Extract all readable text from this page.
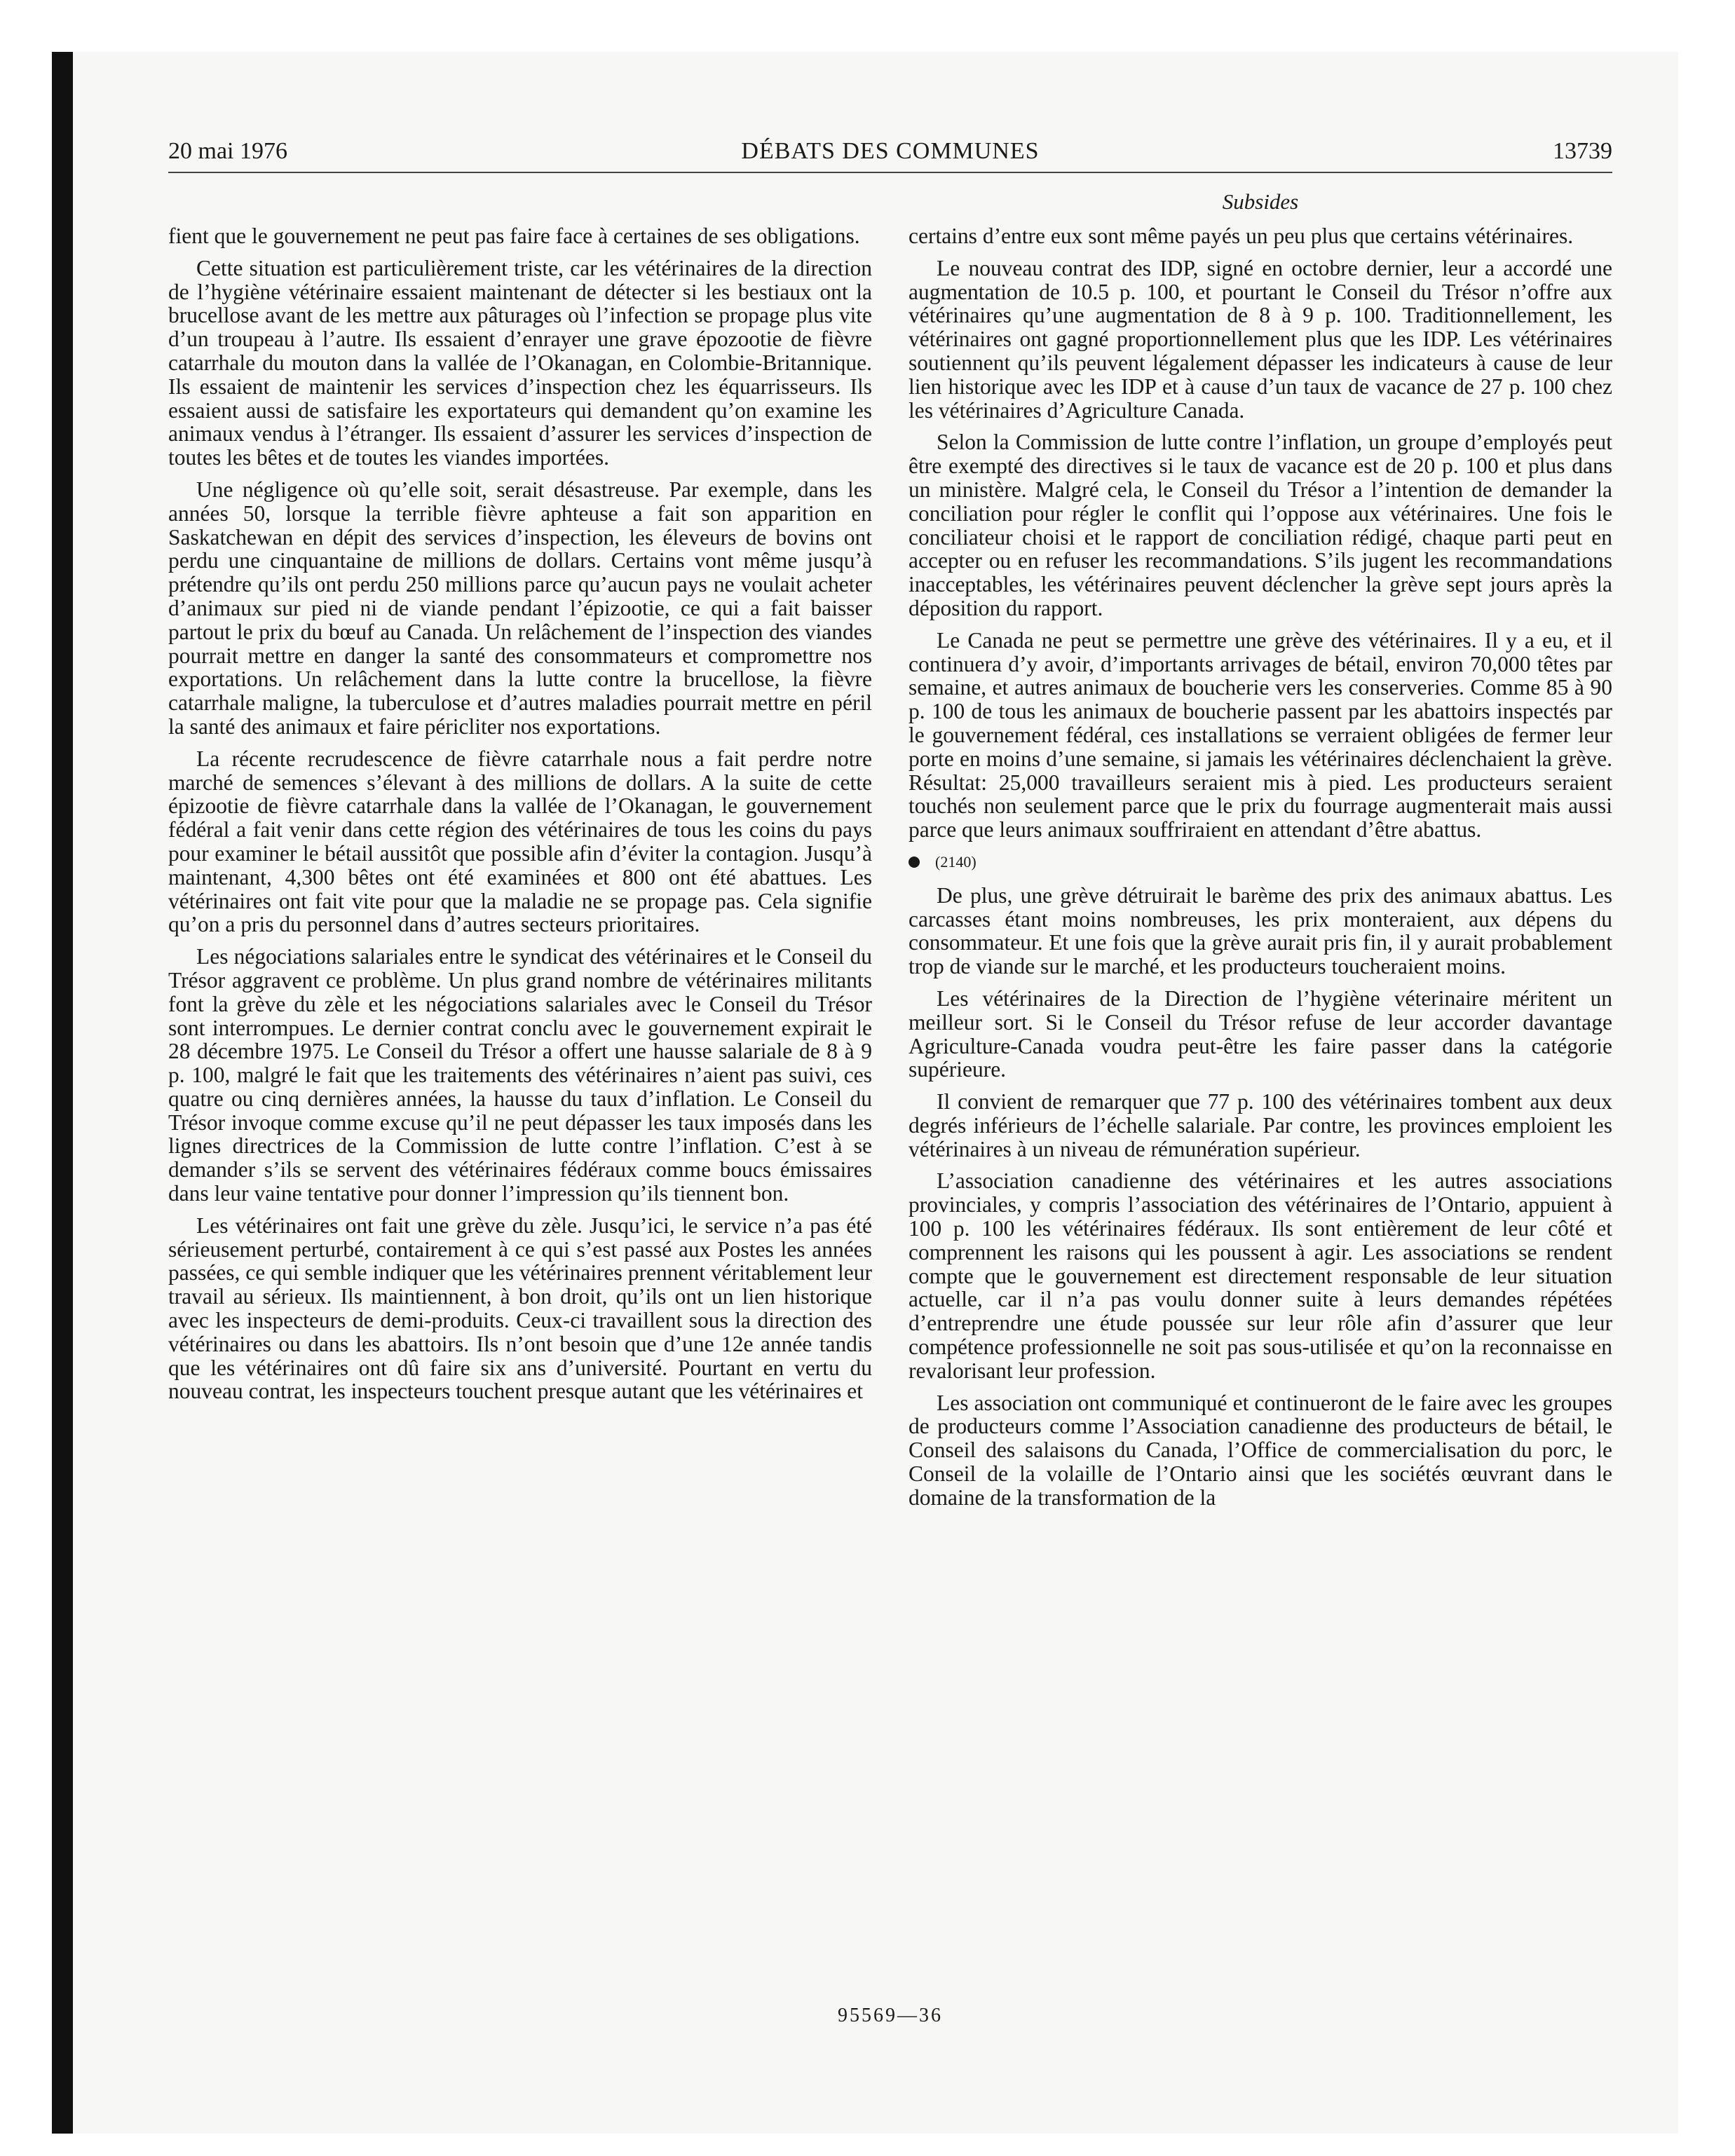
20 mai 1976	DÉBATS DES COMMUNES	13739
Subsides

fient que le gouvernement ne peut pas faire face à certaines de ses obligations.

Cette situation est particulièrement triste, car les vétérinaires de la direction de l’hygiène vétérinaire essaient maintenant de détecter si les bestiaux ont la brucellose avant de les mettre aux pâturages où l’infection se propage plus vite d’un troupeau à l’autre. Ils essaient d’enrayer une grave épozootie de fièvre catarrhale du mouton dans la vallée de l’Okanagan, en Colombie-Britannique. Ils essaient de maintenir les services d’inspection chez les équarrisseurs. Ils essaient aussi de satisfaire les exportateurs qui demandent qu’on examine les animaux vendus à l’étranger. Ils essaient d’assurer les services d’inspection de toutes les bêtes et de toutes les viandes importées.

Une négligence où qu’elle soit, serait désastreuse. Par exemple, dans les années 50, lorsque la terrible fièvre aphteuse a fait son apparition en Saskatchewan en dépit des services d’inspection, les éleveurs de bovins ont perdu une cinquantaine de millions de dollars. Certains vont même jusqu’à prétendre qu’ils ont perdu 250 millions parce qu’aucun pays ne voulait acheter d’animaux sur pied ni de viande pendant l’épizootie, ce qui a fait baisser partout le prix du bœuf au Canada. Un relâchement de l’inspection des viandes pourrait mettre en danger la santé des consommateurs et compromettre nos exportations. Un relâchement dans la lutte contre la brucellose, la fièvre catarrhale maligne, la tuberculose et d’autres maladies pourrait mettre en péril la santé des animaux et faire péricliter nos exportations.

La récente recrudescence de fièvre catarrhale nous a fait perdre notre marché de semences s’élevant à des millions de dollars. A la suite de cette épizootie de fièvre catarrhale dans la vallée de l’Okanagan, le gouvernement fédéral a fait venir dans cette région des vétérinaires de tous les coins du pays pour examiner le bétail aussitôt que possible afin d’éviter la contagion. Jusqu’à maintenant, 4,300 bêtes ont été examinées et 800 ont été abattues. Les vétérinaires ont fait vite pour que la maladie ne se propage pas. Cela signifie qu’on a pris du personnel dans d’autres secteurs prioritaires.

Les négociations salariales entre le syndicat des vétérinaires et le Conseil du Trésor aggravent ce problème. Un plus grand nombre de vétérinaires militants font la grève du zèle et les négociations salariales avec le Conseil du Trésor sont interrompues. Le dernier contrat conclu avec le gouvernement expirait le 28 décembre 1975. Le Conseil du Trésor a offert une hausse salariale de 8 à 9 p. 100, malgré le fait que les traitements des vétérinaires n’aient pas suivi, ces quatre ou cinq dernières années, la hausse du taux d’inflation. Le Conseil du Trésor invoque comme excuse qu’il ne peut dépasser les taux imposés dans les lignes directrices de la Commission de lutte contre l’inflation. C’est à se demander s’ils se servent des vétérinaires fédéraux comme boucs émissaires dans leur vaine tentative pour donner l’impression qu’ils tiennent bon.

Les vétérinaires ont fait une grève du zèle. Jusqu’ici, le service n’a pas été sérieusement perturbé, contairement à ce qui s’est passé aux Postes les années passées, ce qui semble indiquer que les vétérinaires prennent véritablement leur travail au sérieux. Ils maintiennent, à bon droit, qu’ils ont un lien historique avec les inspecteurs de demi-produits. Ceux-ci travaillent sous la direction des vétérinaires ou dans les abattoirs. Ils n’ont besoin que d’une 12e année tandis que les vétérinaires ont dû faire six ans d’université. Pourtant en vertu du nouveau contrat, les inspecteurs touchent presque autant que les vétérinaires et

certains d’entre eux sont même payés un peu plus que certains vétérinaires.

Le nouveau contrat des IDP, signé en octobre dernier, leur a accordé une augmentation de 10.5 p. 100, et pourtant le Conseil du Trésor n’offre aux vétérinaires qu’une augmentation de 8 à 9 p. 100. Traditionnellement, les vétérinaires ont gagné proportionnellement plus que les IDP. Les vétérinaires soutiennent qu’ils peuvent légalement dépasser les indicateurs à cause de leur lien historique avec les IDP et à cause d’un taux de vacance de 27 p. 100 chez les vétérinaires d’Agriculture Canada.

Selon la Commission de lutte contre l’inflation, un groupe d’employés peut être exempté des directives si le taux de vacance est de 20 p. 100 et plus dans un ministère. Malgré cela, le Conseil du Trésor a l’intention de demander la conciliation pour régler le conflit qui l’oppose aux vétérinaires. Une fois le conciliateur choisi et le rapport de conciliation rédigé, chaque parti peut en accepter ou en refuser les recommandations. S’ils jugent les recommandations inacceptables, les vétérinaires peuvent déclencher la grève sept jours après la déposition du rapport.

Le Canada ne peut se permettre une grève des vétérinaires. Il y a eu, et il continuera d’y avoir, d’importants arrivages de bétail, environ 70,000 têtes par semaine, et autres animaux de boucherie vers les conserveries. Comme 85 à 90 p. 100 de tous les animaux de boucherie passent par les abattoirs inspectés par le gouvernement fédéral, ces installations se verraient obligées de fermer leur porte en moins d’une semaine, si jamais les vétérinaires déclenchaient la grève. Résultat: 25,000 travailleurs seraient mis à pied. Les producteurs seraient touchés non seulement parce que le prix du fourrage augmenterait mais aussi parce que leurs animaux souffriraient en attendant d’être abattus.

(2140)

De plus, une grève détruirait le barème des prix des animaux abattus. Les carcasses étant moins nombreuses, les prix monteraient, aux dépens du consommateur. Et une fois que la grève aurait pris fin, il y aurait probablement trop de viande sur le marché, et les producteurs toucheraient moins.

Les vétérinaires de la Direction de l’hygiène véterinaire méritent un meilleur sort. Si le Conseil du Trésor refuse de leur accorder davantage Agriculture-Canada voudra peut-être les faire passer dans la catégorie supérieure.

Il convient de remarquer que 77 p. 100 des vétérinaires tombent aux deux degrés inférieurs de l’échelle salariale. Par contre, les provinces emploient les vétérinaires à un niveau de rémunération supérieur.

L’association canadienne des vétérinaires et les autres associations provinciales, y compris l’association des vétérinaires de l’Ontario, appuient à 100 p. 100 les vétérinaires fédéraux. Ils sont entièrement de leur côté et comprennent les raisons qui les poussent à agir. Les associations se rendent compte que le gouvernement est directement responsable de leur situation actuelle, car il n’a pas voulu donner suite à leurs demandes répétées d’entreprendre une étude poussée sur leur rôle afin d’assurer que leur compétence professionnelle ne soit pas sous-utilisée et qu’on la reconnaisse en revalorisant leur profession.

Les association ont communiqué et continueront de le faire avec les groupes de producteurs comme l’Association canadienne des producteurs de bétail, le Conseil des salaisons du Canada, l’Office de commercialisation du porc, le Conseil de la volaille de l’Ontario ainsi que les sociétés œuvrant dans le domaine de la transformation de la

95569—36
